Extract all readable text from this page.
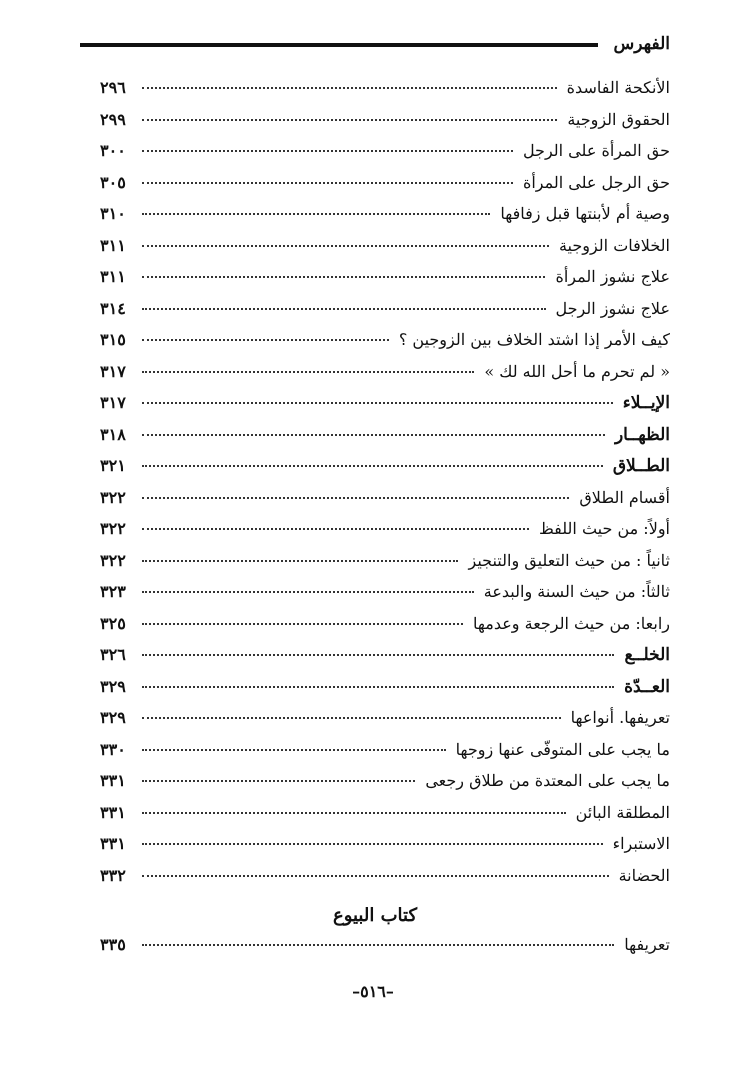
الفهرس
الأنكحة الفاسدة
٢٩٦
الحقوق الزوجية
٢٩٩
حق المرأة على الرجل
٣٠٠
حق الرجل على المرأة
٣٠٥
وصية أم لأبنتها قبل زفافها
٣١٠
الخلافات الزوجية
٣١١
علاج نشوز المرأة
٣١١
علاج نشوز الرجل
٣١٤
كيف الأمر إذا اشتد الخلاف بين الزوجين ؟
٣١٥
« لم تحرم ما أحل الله لك »
٣١٧
الإيــلاء
٣١٧
الظهــار
٣١٨
الطــلاق
٣٢١
أقسام الطلاق
٣٢٢
أولاً: من حيث اللفظ
٣٢٢
ثانياً : من حيث التعليق والتنجيز
٣٢٢
ثالثاً: من حيث السنة والبدعة
٣٢٣
رابعا: من حيث الرجعة وعدمها
٣٢٥
الخلــع
٣٢٦
العــدّة
٣٢٩
تعريفها. أنواعها
٣٢٩
ما يجب على المتوفّى عنها زوجها
٣٣٠
ما يجب على المعتدة من طلاق رجعى
٣٣١
المطلقة البائن
٣٣١
الاستبراء
٣٣١
الحضانة
٣٣٢
كتاب البيوع
تعريفها
٣٣٥
–٥١٦–
